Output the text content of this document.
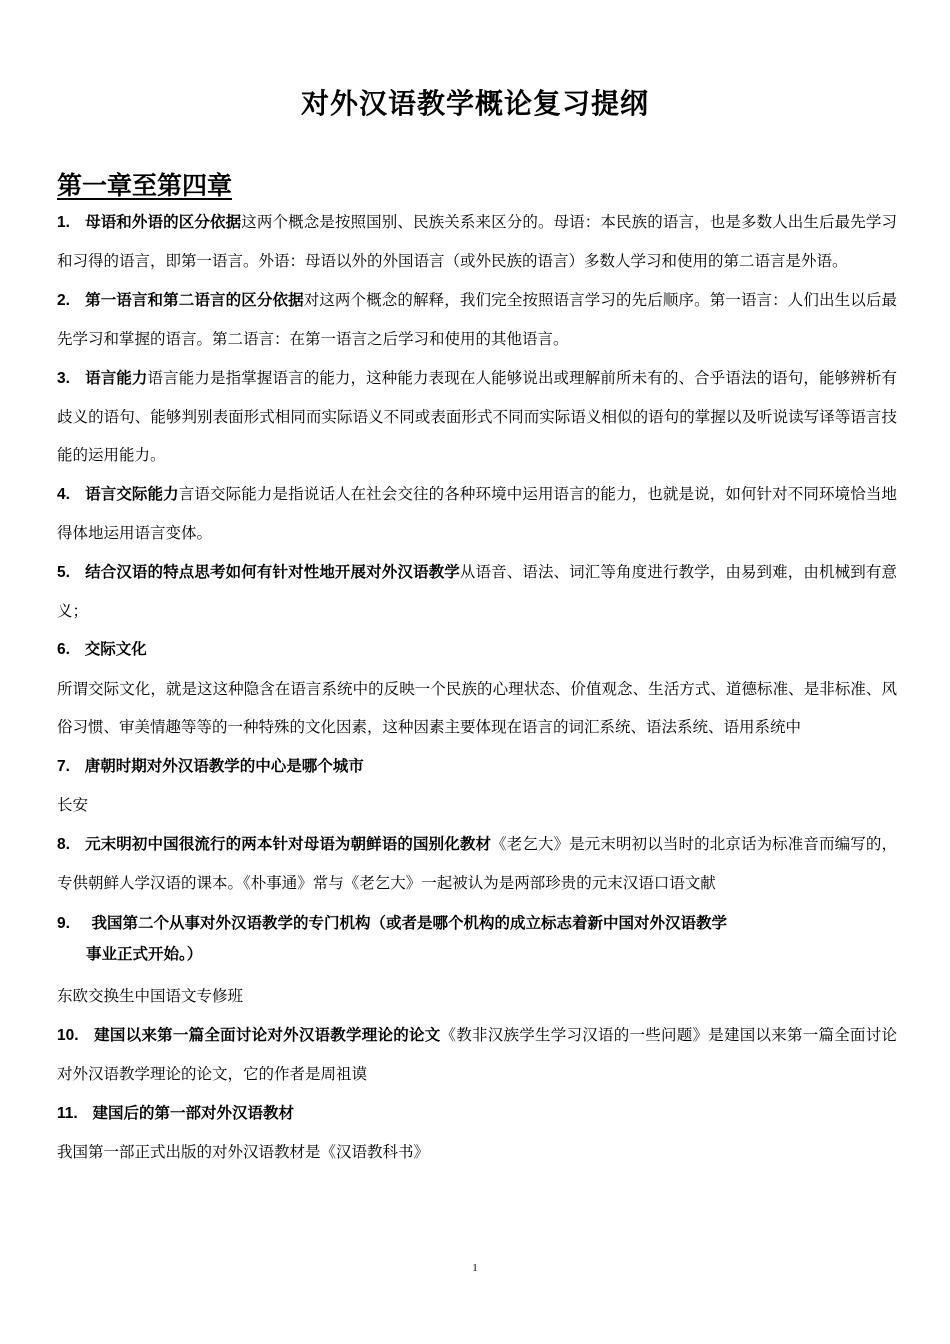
对外汉语教学概论复习提纲
第一章至第四章

1. 母语和外语的区分依据这两个概念是按照国别、民族关系来区分的。母语：本民族的语言，也是多数人出生后最先学习和习得的语言，即第一语言。外语：母语以外的外国语言（或外民族的语言）多数人学习和使用的第二语言是外语。

2. 第一语言和第二语言的区分依据对这两个概念的解释，我们完全按照语言学习的先后顺序。第一语言：人们出生以后最先学习和掌握的语言。第二语言：在第一语言之后学习和使用的其他语言。

3. 语言能力语言能力是指掌握语言的能力，这种能力表现在人能够说出或理解前所未有的、合乎语法的语句，能够辨析有歧义的语句、能够判别表面形式相同而实际语义不同或表面形式不同而实际语义相似的语句的掌握以及听说读写译等语言技能的运用能力。

4. 语言交际能力言语交际能力是指说话人在社会交往的各种环境中运用语言的能力，也就是说，如何针对不同环境恰当地得体地运用语言变体。

5. 结合汉语的特点思考如何有针对性地开展对外汉语教学从语音、语法、词汇等角度进行教学，由易到难，由机械到有意义；

6. 交际文化

所谓交际文化，就是这这种隐含在语言系统中的反映一个民族的心理状态、价值观念、生活方式、道德标准、是非标准、风俗习惯、审美情趣等等的一种特殊的文化因素，这种因素主要体现在语言的词汇系统、语法系统、语用系统中

7. 唐朝时期对外汉语教学的中心是哪个城市

长安

8. 元末明初中国很流行的两本针对母语为朝鲜语的国别化教材《老乞大》是元末明初以当时的北京话为标准音而编写的，专供朝鲜人学汉语的课本。《朴事通》常与《老乞大》一起被认为是两部珍贵的元末汉语口语文献

9. 我国第二个从事对外汉语教学的专门机构（或者是哪个机构的成立标志着新中国对外汉语教学
事业正式开始。）

东欧交换生中国语文专修班

10. 建国以来第一篇全面讨论对外汉语教学理论的论文《教非汉族学生学习汉语的一些问题》是建国以来第一篇全面讨论对外汉语教学理论的论文，它的作者是周祖谟

11. 建国后的第一部对外汉语教材

我国第一部正式出版的对外汉语教材是《汉语教科书》

1
